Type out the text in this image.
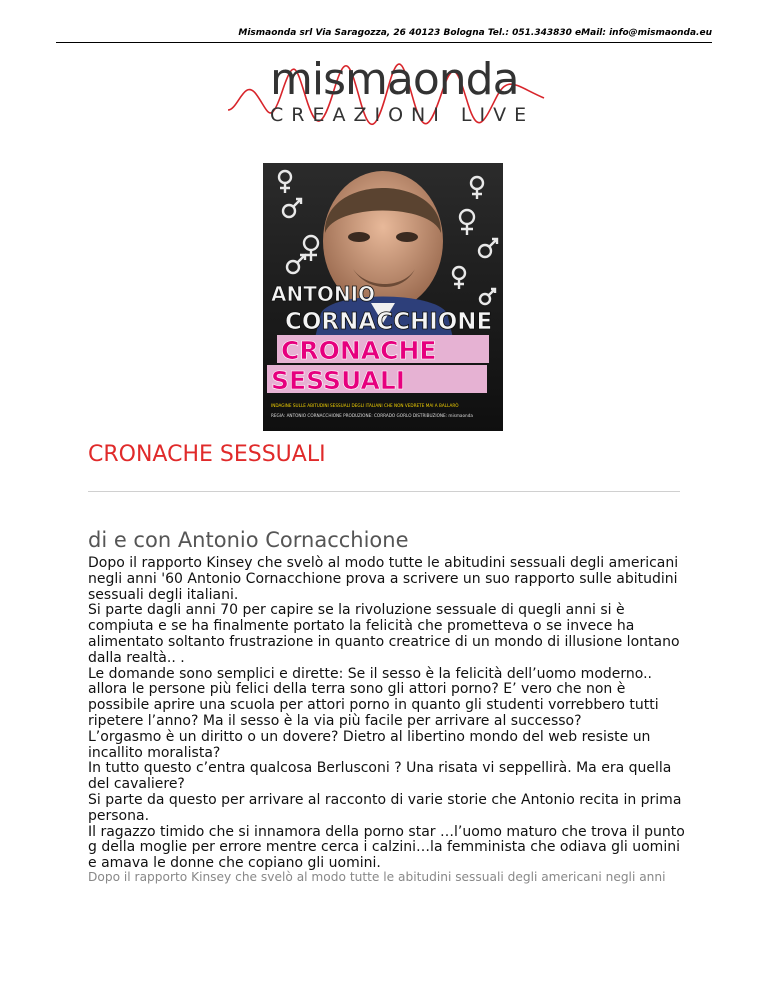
Mismaonda srl Via Saragozza, 26 40123 Bologna Tel.: 051.343830 eMail: info@mismaonda.eu
mismaonda
CREAZIONI LIVE
ANTONIO
CORNACCHIONE
CRONACHE
SESSUALI
INDAGINE SULLE ABITUDINI SESSUALI DEGLI ITALIANI CHE NON VEDRETE MAI A BALLARÒ
REGIA: ANTONIO CORNACCHIONE PRODUZIONE: CORRADO GORLO DISTRIBUZIONE: mismaonda
CRONACHE SESSUALI
di e con Antonio Cornacchione

Dopo il rapporto Kinsey che svelò al modo tutte le abitudini sessuali degli americani negli anni '60 Antonio Cornacchione prova a scrivere un suo rapporto sulle abitudini sessuali degli italiani.

Si parte dagli anni 70 per capire se la rivoluzione sessuale di quegli anni si è compiuta e se ha finalmente portato la felicità che prometteva o se invece ha alimentato soltanto frustrazione in quanto creatrice di un mondo di illusione lontano dalla realtà.. .

Le domande sono semplici e dirette: Se il sesso è la felicità dell’uomo moderno.. allora le persone più felici della terra sono gli attori porno? E’ vero che non è possibile aprire una scuola per attori porno in quanto gli studenti vorrebbero tutti ripetere l’anno? Ma il sesso è la via più facile per arrivare al successo?

L’orgasmo è un diritto o un dovere? Dietro al libertino mondo del web resiste un incallito moralista?

In tutto questo c’entra qualcosa Berlusconi ? Una risata vi seppellirà. Ma era quella del cavaliere?

Si parte da questo per arrivare al racconto di varie storie che Antonio recita in prima persona.

Il ragazzo timido che si innamora della porno star …l’uomo maturo che trova il punto g della moglie per errore mentre cerca i calzini…la femminista che odiava gli uomini e amava le donne che copiano gli uomini.

Dopo il rapporto Kinsey che svelò al modo tutte le abitudini sessuali degli americani negli anni
